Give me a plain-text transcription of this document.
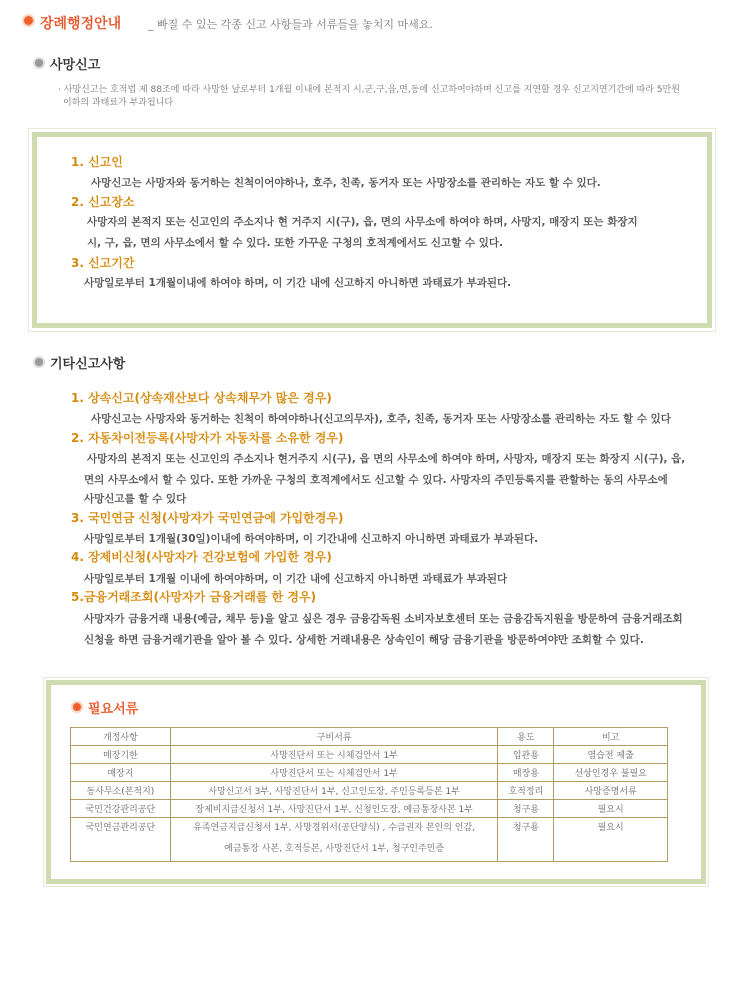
장례행정안내 _ 빠질 수 있는 각종 신고 사항들과 서류들을 놓치지 마세요.
사망신고
· 사망신고는 호적법 제 88조에 따라 사망한 날로부터 1개월 이내에 본적지 시,군,구,읍,면,동에 신고하여야하며 신고를 지연할 경우 신고지연기간에 따라 5만원
이하의 과태료가 부과됩니다
1. 신고인
사망신고는 사망자와 동거하는 친척이어야하나, 호주, 친족, 동거자 또는 사망장소를 관리하는 자도 할 수 있다.
2. 신고장소
사망자의 본적지 또는 신고인의 주소지나 현 거주지 시(구), 읍, 면의 사무소에 하여야 하며, 사망지, 매장지 또는 화장지
시, 구, 읍, 면의 사무소에서 할 수 있다. 또한 가꾸운 구청의 호적계에서도 신고할 수 있다.
3. 신고기간
사망일로부터 1개월이내에 하여야 하며, 이 기간 내에 신고하지 아니하면 과태료가 부과된다.
기타신고사항
1. 상속신고(상속재산보다 상속채무가 많은 경우)
사망신고는 사망자와 동거하는 친척이 하여야하나(신고의무자), 호주, 친족, 동거자 또는 사망장소를 관리하는 자도 할 수 있다
2. 자동차이전등록(사망자가 자동차를 소유한 경우)
사망자의 본적지 또는 신고인의 주소지나 현거주지 시(구), 읍 면의 사무소에 하여야 하며, 사망자, 매장지 또는 화장지 시(구), 읍,
면의 사무소에서 할 수 있다. 또한 가까운 구청의 호적계에서도 신고할 수 있다. 사망자의 주민등록지를 관할하는 동의 사무소에
사망신고를 할 수 있다
3. 국민연금 신청(사망자가 국민연금에 가입한경우)
사망일로부터 1개월(30일)이내에 하여야하며, 이 기간내에 신고하지 아니하면 과태료가 부과된다.
4. 장제비신청(사망자가 건강보험에 가입한 경우)
사망일로부터 1개월 이내에 하여야하며, 이 기간 내에 신고하지 아니하면 과태료가 부과된다
5.금융거래조회(사망자가 금융거래를 한 경우)
사망자가 금융거래 내용(예금, 채무 등)을 알고 싶은 경우 금융감독원 소비자보호센터 또는 금융감독지원을 방문하여 금융거래조회
신청을 하면 금융거래기관을 알아 볼 수 있다. 상세한 거래내용은 상속인이 해당 금융기관을 방문하여야만 조회할 수 있다.
필요서류
개정사항	구비서류	용도	비고
매장기한	사망진단서 또는 시체검안서 1부	입관용	염습전 제출
매장지	사망진단서 또는 시체검안서 1부	매장용	선상인경우 불필요
동사무소(본적지)	사망신고서 3부, 사망진단서 1부, 신고인도장, 주민등록등본 1부	호적정리	사망증명서류
국민건강관리공단	장제비지급신청서 1부, 사망진단서 1부, 신청인도장, 예금통장사본 1부	청구용	필요시
국민연금관리공단	유족연금지급신청서 1부, 사망경위서(공단양식) , 수급권자 본인의 인감,
예금통장 사본, 호적등본, 사망진단서 1부, 청구인주민증	청구용	필요시
